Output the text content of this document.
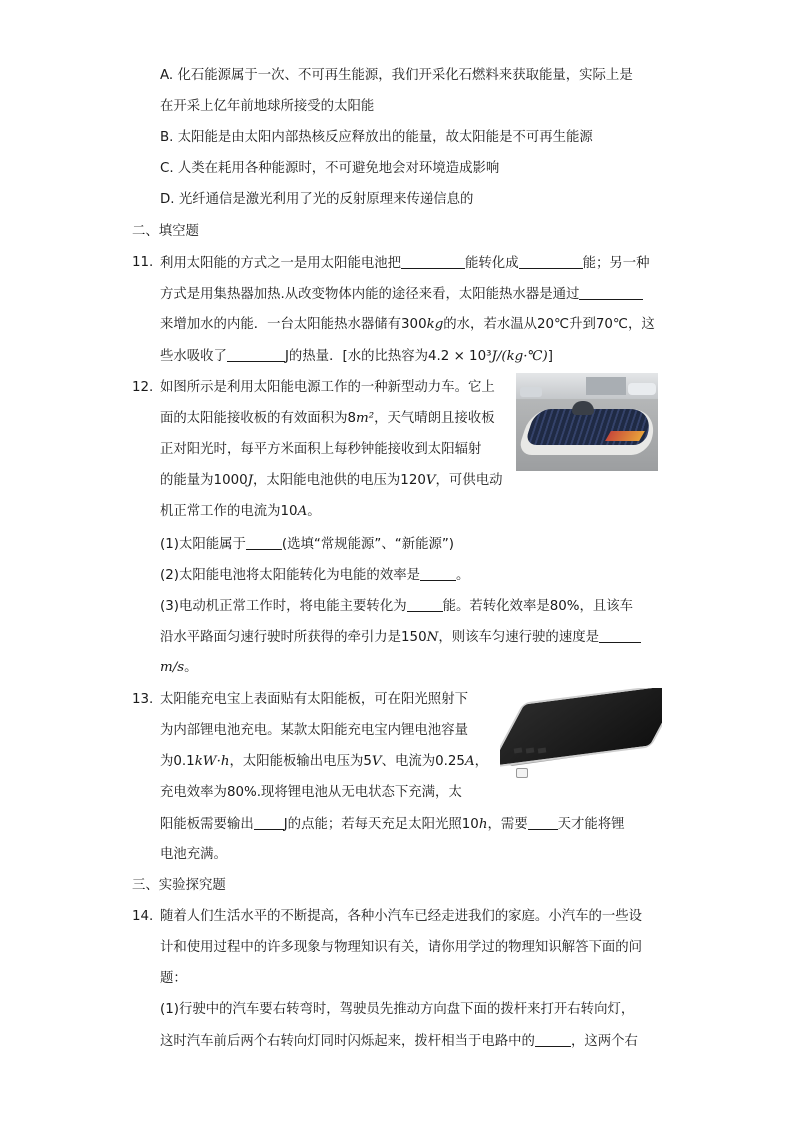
A. 化石能源属于一次、不可再生能源，我们开采化石燃料来获取能量，实际上是
在开采上亿年前地球所接受的太阳能
B. 太阳能是由太阳内部热核反应释放出的能量，故太阳能是不可再生能源
C. 人类在耗用各种能源时，不可避免地会对环境造成影响
D. 光纤通信是激光利用了光的反射原理来传递信息的
二、填空题
11. 利用太阳能的方式之一是用太阳能电池把	能转化成	能；另一种
方式是用集热器加热.从改变物体内能的途径来看，太阳能热水器是通过
来增加水的内能．一台太阳能热水器储有300kg的水，若水温从20℃升到70℃，这
些水吸收了	J的热量．[水的比热容为4.2 × 10³J/(kg·℃)]
12. 如图所示是利用太阳能电源工作的一种新型动力车。它上
面的太阳能接收板的有效面积为8m²，天气晴朗且接收板
正对阳光时，每平方米面积上每秒钟能接收到太阳辐射
的能量为1000J，太阳能电池供的电压为120V，可供电动
机正常工作的电流为10A。
(1)太阳能属于	(选填“常规能源”、“新能源”)
(2)太阳能电池将太阳能转化为电能的效率是	。
(3)电动机正常工作时，将电能主要转化为	能。若转化效率是80%，且该车
沿水平路面匀速行驶时所获得的牵引力是150N，则该车匀速行驶的速度是
m/s。
13. 太阳能充电宝上表面贴有太阳能板，可在阳光照射下
为内部锂电池充电。某款太阳能充电宝内锂电池容量
为0.1kW·h，太阳能板输出电压为5V、电流为0.25A，
充电效率为80%.现将锂电池从无电状态下充满，太
阳能板需要输出 J的点能；若每天充足太阳光照10h，需要 天才能将锂
电池充满。
三、实验探究题
14. 随着人们生活水平的不断提高，各种小汽车已经走进我们的家庭。小汽车的一些设
计和使用过程中的许多现象与物理知识有关，请你用学过的物理知识解答下面的问
题：
(1)行驶中的汽车要右转弯时，驾驶员先推动方向盘下面的拨杆来打开右转向灯，
这时汽车前后两个右转向灯同时闪烁起来，拨杆相当于电路中的	，这两个右
